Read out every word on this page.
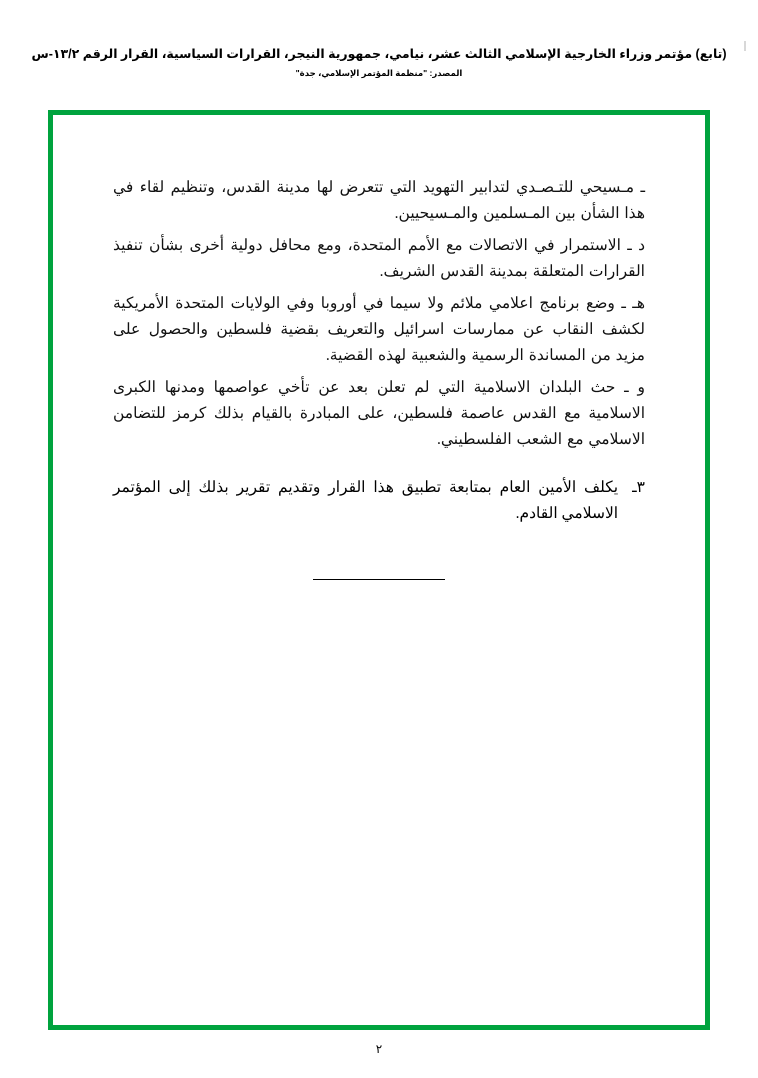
(تابع) مؤتمر وزراء الخارجية الإسلامي الثالث عشر، نيامي، جمهورية النيجر، القرارات السياسية، القرار الرقم ١٣/٢-س
المصدر: "منظمة المؤتمر الإسلامي، جدة"

ـ مـسيحي للتـصـدي لتدابير التهويد التي تتعرض لها مدينة القدس، وتنظيم لقاء في هذا الشأن بين المـسلمين والمـسيحيين.

د ـ الاستمرار في الاتصالات مع الأمم المتحدة، ومع محافل دولية أخرى بشأن تنفيذ القرارات المتعلقة بمدينة القدس الشريف.

هـ ـ وضع برنامج اعلامي ملائم ولا سيما في أوروبا وفي الولايات المتحدة الأمريكية لكشف النقاب عن ممارسات اسرائيل والتعريف بقضية فلسطين والحصول على مزيد من المساندة الرسمية والشعبية لهذه القضية.

و ـ حث البلدان الاسلامية التي لم تعلن بعد عن تأخي عواصمها ومدنها الكبرى الاسلامية مع القدس عاصمة فلسطين، على المبادرة بالقيام بذلك كرمز للتضامن الاسلامي مع الشعب الفلسطيني.

٣ـ
يكلف الأمين العام بمتابعة تطبيق هذا القرار وتقديم تقرير بذلك إلى المؤتمر الاسلامي القادم.
٢
